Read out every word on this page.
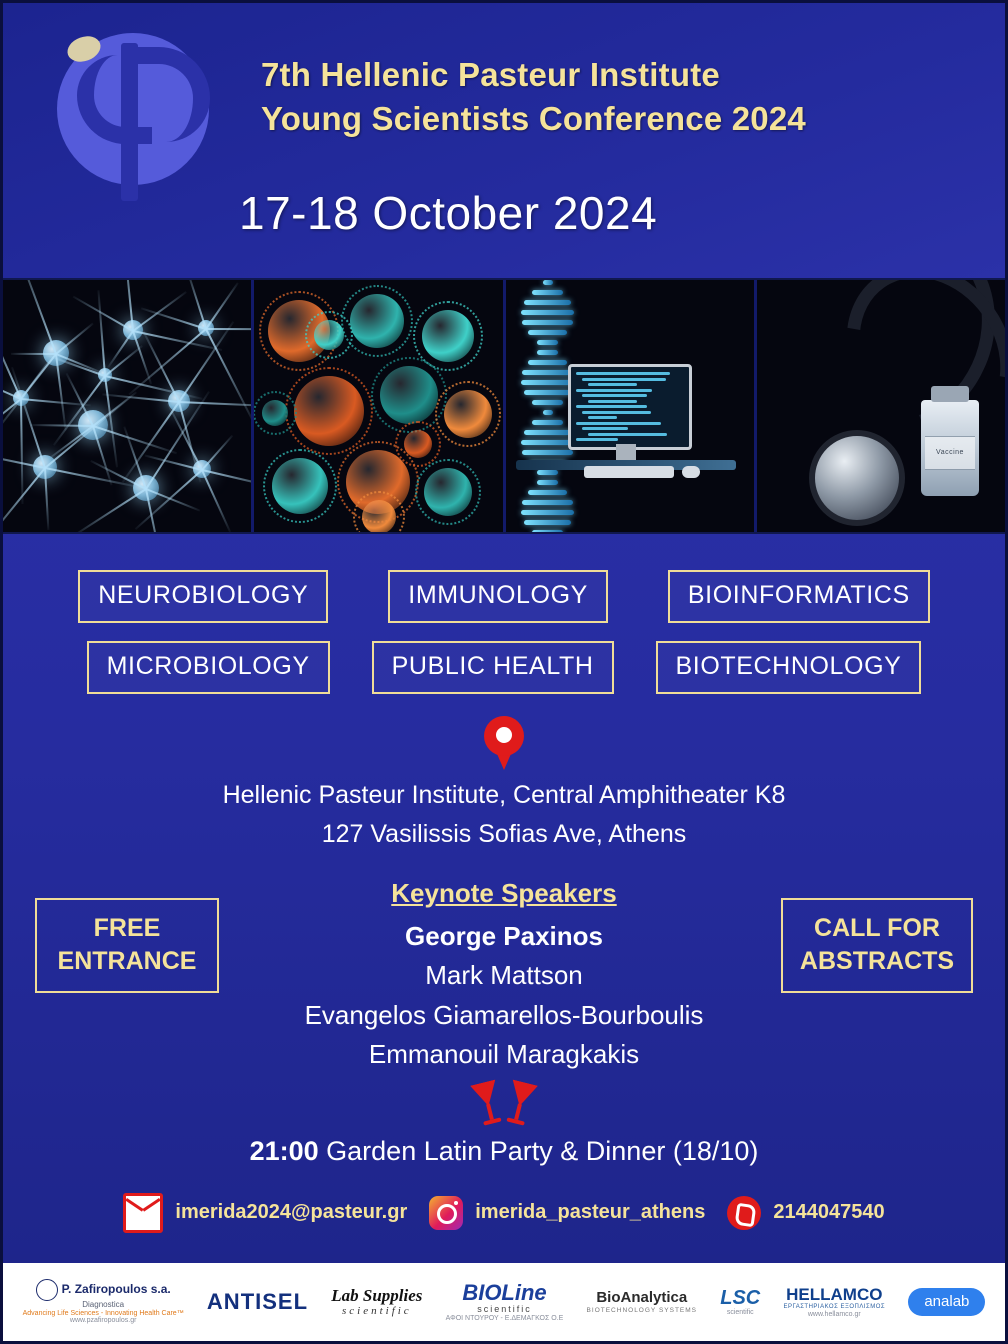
7th Hellenic Pasteur Institute
Young Scientists Conference 2024
17-18 October 2024
Vaccine
NEUROBIOLOGY	IMMUNOLOGY	BIOINFORMATICS
MICROBIOLOGY	PUBLIC HEALTH	BIOTECHNOLOGY
Hellenic Pasteur Institute, Central Amphitheater K8
127 Vasilissis Sofias Ave, Athens
FREE
ENTRANCE
CALL FOR
ABSTRACTS
Keynote Speakers
George Paxinos
Mark Mattson
Evangelos Giamarellos-Bourboulis
Emmanouil Maragkakis
21:00 Garden Latin Party & Dinner (18/10)
imerida2024@pasteur.gr	imerida_pasteur_athens	2144047540
P. Zafiropoulos s.a.
Diagnostica
Advancing Life Sciences - Innovating Health Care™
www.pzafiropoulos.gr
ANTISEL	Lab Supplies
scientific
BIOLine
scientific
ΑΦΟΙ ΝΤΟΥΡΟΥ - Ε.ΔΕΜΑΓΚΟΣ Ο.Ε
BioAnalytica
BIOTECHNOLOGY SYSTEMS
LSC
scientific
HELLAMCO
ΕΡΓΑΣΤΗΡΙΑΚΟΣ ΕΞΟΠΛΙΣΜΟΣ
www.hellamco.gr
analab
